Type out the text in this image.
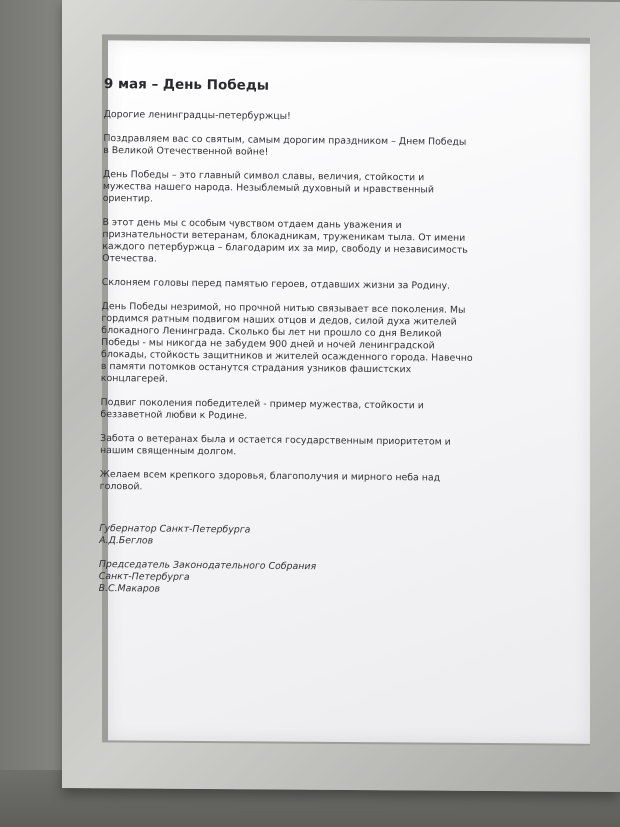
9 мая – День Победы

Дорогие ленинградцы-петербуржцы!

Поздравляем вас со святым, самым дорогим праздником – Днем Победы
в Великой Отечественной войне!

День Победы – это главный символ славы, величия, стойкости и
мужества нашего народа. Незыблемый духовный и нравственный
ориентир.

В этот день мы с особым чувством отдаем дань уважения и
признательности ветеранам, блокадникам, труженикам тыла. От имени
каждого петербуржца – благодарим их за мир, свободу и независимость
Отечества.

Склоняем головы перед памятью героев, отдавших жизни за Родину.

День Победы незримой, но прочной нитью связывает все поколения. Мы
гордимся ратным подвигом наших отцов и дедов, силой духа жителей
блокадного Ленинграда. Сколько бы лет ни прошло со дня Великой
Победы - мы никогда не забудем 900 дней и ночей ленинградской
блокады, стойкость защитников и жителей осажденного города. Навечно
в памяти потомков останутся страдания узников фашистских
концлагерей.

Подвиг поколения победителей - пример мужества, стойкости и
беззаветной любви к Родине.

Забота о ветеранах была и остается государственным приоритетом и
нашим священным долгом.

Желаем всем крепкого здоровья, благополучия и мирного неба над
головой.

Губернатор Санкт-Петербурга
А.Д.Беглов

Председатель Законодательного Собрания
Санкт-Петербурга
В.С.Макаров
